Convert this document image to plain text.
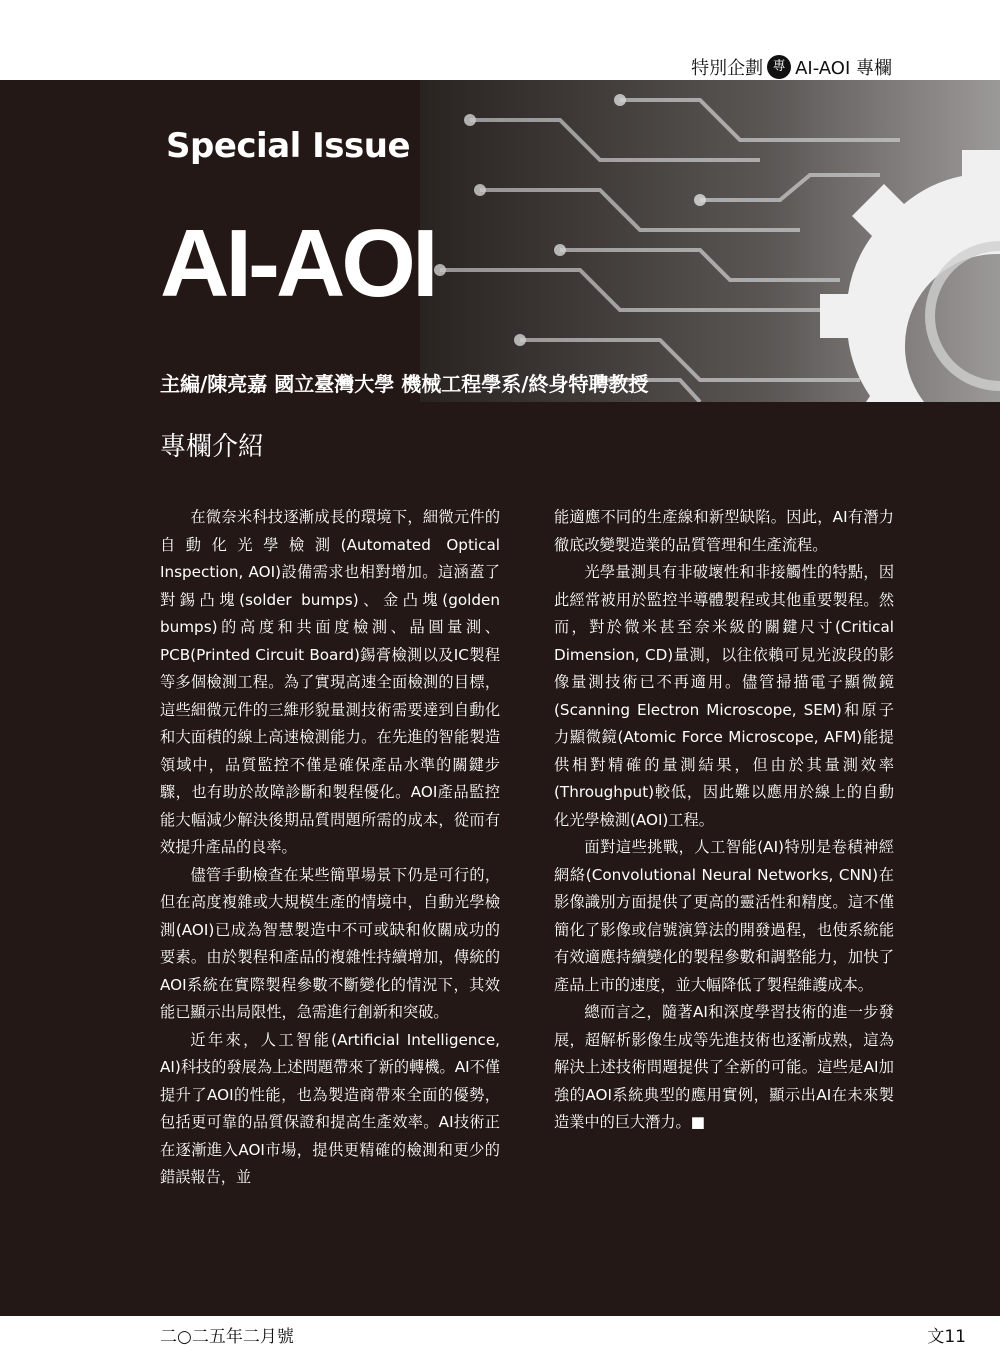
特別企劃 專 AI-AOI 專欄
Special Issue
AI-AOI
主編/陳亮嘉 國立臺灣大學 機械工程學系/終身特聘教授
專欄介紹

在微奈米科技逐漸成長的環境下，細微元件的自動化光學檢測(Automated Optical Inspection, AOI)設備需求也相對增加。這涵蓋了對錫凸塊(solder bumps)、金凸塊(golden bumps)的高度和共面度檢測、晶圓量測、PCB(Printed Circuit Board)錫膏檢測以及IC製程等多個檢測工程。為了實現高速全面檢測的目標，這些細微元件的三維形貌量測技術需要達到自動化和大面積的線上高速檢測能力。在先進的智能製造領域中，品質監控不僅是確保產品水準的關鍵步驟，也有助於故障診斷和製程優化。AOI產品監控能大幅減少解決後期品質問題所需的成本，從而有效提升產品的良率。

儘管手動檢查在某些簡單場景下仍是可行的，但在高度複雜或大規模生產的情境中，自動光學檢測(AOI)已成為智慧製造中不可或缺和攸關成功的要素。由於製程和產品的複雜性持續增加，傳統的AOI系統在實際製程參數不斷變化的情況下，其效能已顯示出局限性，急需進行創新和突破。

近年來，人工智能(Artificial Intelligence, AI)科技的發展為上述問題帶來了新的轉機。AI不僅提升了AOI的性能，也為製造商帶來全面的優勢，包括更可靠的品質保證和提高生產效率。AI技術正在逐漸進入AOI市場，提供更精確的檢測和更少的錯誤報告，並

能適應不同的生產線和新型缺陷。因此，AI有潛力徹底改變製造業的品質管理和生產流程。

光學量測具有非破壞性和非接觸性的特點，因此經常被用於監控半導體製程或其他重要製程。然而，對於微米甚至奈米級的關鍵尺寸(Critical Dimension, CD)量測，以往依賴可見光波段的影像量測技術已不再適用。儘管掃描電子顯微鏡(Scanning Electron Microscope, SEM)和原子力顯微鏡(Atomic Force Microscope, AFM)能提供相對精確的量測結果，但由於其量測效率(Throughput)較低，因此難以應用於線上的自動化光學檢測(AOI)工程。

面對這些挑戰，人工智能(AI)特別是卷積神經網絡(Convolutional Neural Networks, CNN)在影像識別方面提供了更高的靈活性和精度。這不僅簡化了影像或信號演算法的開發過程，也使系統能有效適應持續變化的製程參數和調整能力，加快了產品上市的速度，並大幅降低了製程維護成本。

總而言之，隨著AI和深度學習技術的進一步發展，超解析影像生成等先進技術也逐漸成熟，這為解決上述技術問題提供了全新的可能。這些是AI加強的AOI系統典型的應用實例，顯示出AI在未來製造業中的巨大潛力。■

二○二五年二月號	文11
